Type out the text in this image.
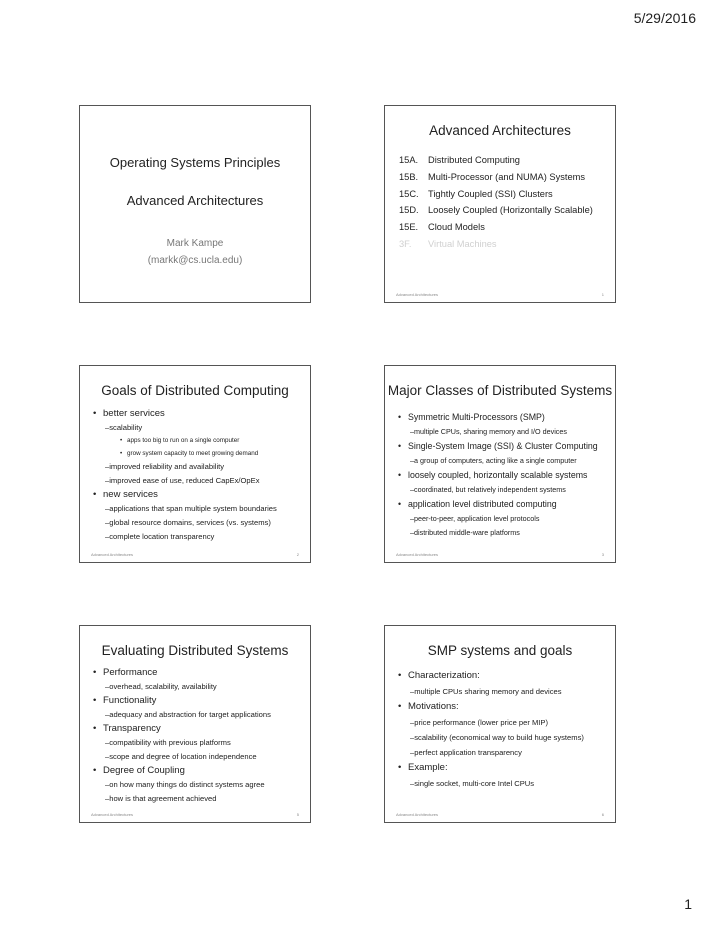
5/29/2016
Operating Systems Principles
Advanced Architectures
Mark Kampe
(markk@cs.ucla.edu)
Advanced Architectures
15A. Distributed Computing
15B. Multi-Processor (and NUMA) Systems
15C. Tightly Coupled (SSI) Clusters
15D. Loosely Coupled (Horizontally Scalable)
15E. Cloud Models
3F. Virtual Machines
Advanced Architectures	1
Goals of Distributed Computing
• better services
– scalability
• apps too big to run on a single computer
• grow system capacity to meet growing demand
– improved reliability and availability
– improved ease of use, reduced CapEx/OpEx
• new services
– applications that span multiple system boundaries
– global resource domains, services (vs. systems)
– complete location transparency
Advanced Architectures	2
Major Classes of Distributed Systems
• Symmetric Multi-Processors (SMP)
– multiple CPUs, sharing memory and I/O devices
• Single-System Image (SSI) & Cluster Computing
– a group of computers, acting like a single computer
• loosely coupled, horizontally scalable systems
– coordinated, but relatively independent systems
• application level distributed computing
– peer-to-peer, application level protocols
– distributed middle-ware platforms
Advanced Architectures	3
Evaluating Distributed Systems
• Performance
– overhead, scalability, availability
• Functionality
– adequacy and abstraction for target applications
• Transparency
– compatibility with previous platforms
– scope and degree of location independence
• Degree of Coupling
– on how many things do distinct systems agree
– how is that agreement achieved
Advanced Architectures	5
SMP systems and goals
• Characterization:
– multiple CPUs sharing memory and devices
• Motivations:
– price performance (lower price per MIP)
– scalability (economical way to build huge systems)
– perfect application transparency
• Example:
– single socket, multi-core Intel CPUs
Advanced Architectures	6
1
